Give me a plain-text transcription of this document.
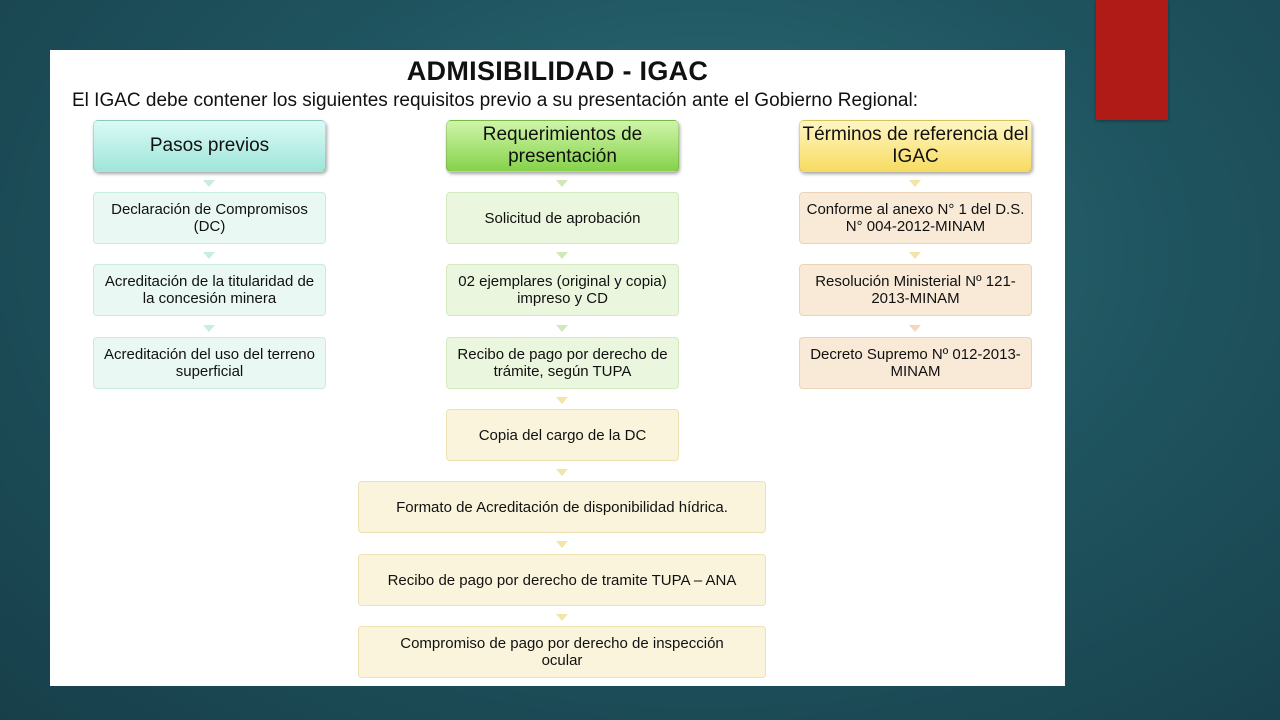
ADMISIBILIDAD - IGAC
El IGAC debe contener los siguientes requisitos previo a su presentación ante el Gobierno Regional:
Pasos previos
Declaración de Compromisos (DC)
Acreditación de la titularidad de la concesión minera
Acreditación del uso del terreno superficial
Requerimientos de presentación
Solicitud de aprobación
02 ejemplares (original y copia) impreso y CD
Recibo de pago por derecho de trámite, según TUPA
Copia del cargo de la DC
Formato de Acreditación de disponibilidad hídrica.
Recibo de pago por derecho de tramite TUPA – ANA
Compromiso de pago por derecho de inspección ocular
Términos de referencia del IGAC
Conforme al anexo N° 1 del D.S. N° 004-2012-MINAM
Resolución Ministerial Nº 121-2013-MINAM
Decreto Supremo Nº 012-2013-MINAM
